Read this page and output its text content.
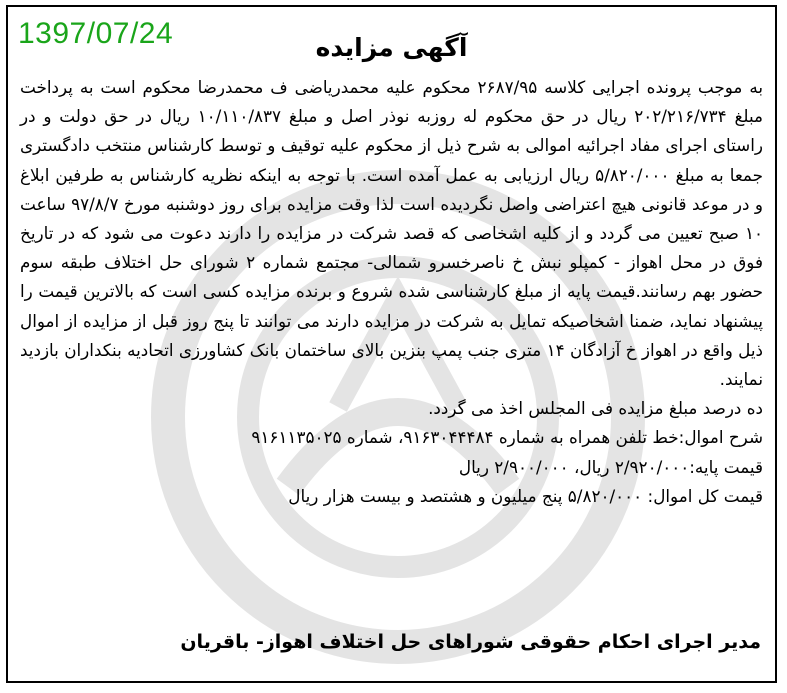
آگهی مزایده

به موجب پرونده اجرایی کلاسه ۲۶۸۷/۹۵ محکوم علیه محمدریاضی ف محمدرضا محکوم است به پرداخت مبلغ ۲۰۲/۲۱۶/۷۳۴ ریال در حق محکوم له روزبه نوذر اصل و مبلغ ۱۰/۱۱۰/۸۳۷ ریال در حق دولت و در راستای اجرای مفاد اجرائیه اموالی به شرح ذیل از محکوم علیه توقیف و توسط کارشناس منتخب دادگستری جمعا به مبلغ ۵/۸۲۰/۰۰۰ ریال ارزیابی به عمل آمده است. با توجه به اینکه نظریه کارشناس به طرفین ابلاغ و در موعد قانونی هیچ اعتراضی واصل نگردیده است لذا وقت مزایده برای روز دوشنبه مورخ ۹۷/۸/۷ ساعت ۱۰ صبح تعیین می گردد و از کلیه اشخاصی که قصد شرکت در مزایده را دارند دعوت می شود که در تاریخ فوق در محل اهواز - کمپلو نبش خ ناصرخسرو شمالی- مجتمع شماره ۲ شورای حل اختلاف طبقه سوم حضور بهم رسانند.قیمت پایه از مبلغ کارشناسی شده شروع و برنده مزایده کسی است که بالاترین قیمت را پیشنهاد نماید، ضمنا اشخاصیکه تمایل به شرکت در مزایده دارند می توانند تا پنج روز قبل از مزایده از اموال ذیل واقع در اهواز خ آزادگان ۱۴ متری جنب پمپ بنزین بالای ساختمان بانک کشاورزی اتحادیه بنکداران بازدید نمایند.

ده درصد مبلغ مزایده فی المجلس اخذ می گردد.

شرح اموال:خط تلفن همراه به شماره ۹۱۶۳۰۴۴۴۸۴، شماره ۹۱۶۱۱۳۵۰۲۵

قیمت پایه:۲/۹۲۰/۰۰۰ ریال، ۲/۹۰۰/۰۰۰ ریال

قیمت کل اموال: ۵/۸۲۰/۰۰۰ پنج میلیون و هشتصد و بیست هزار ریال

مدیر اجرای احکام حقوقی شوراهای حل اختلاف اهواز- باقریان
1397/07/24
